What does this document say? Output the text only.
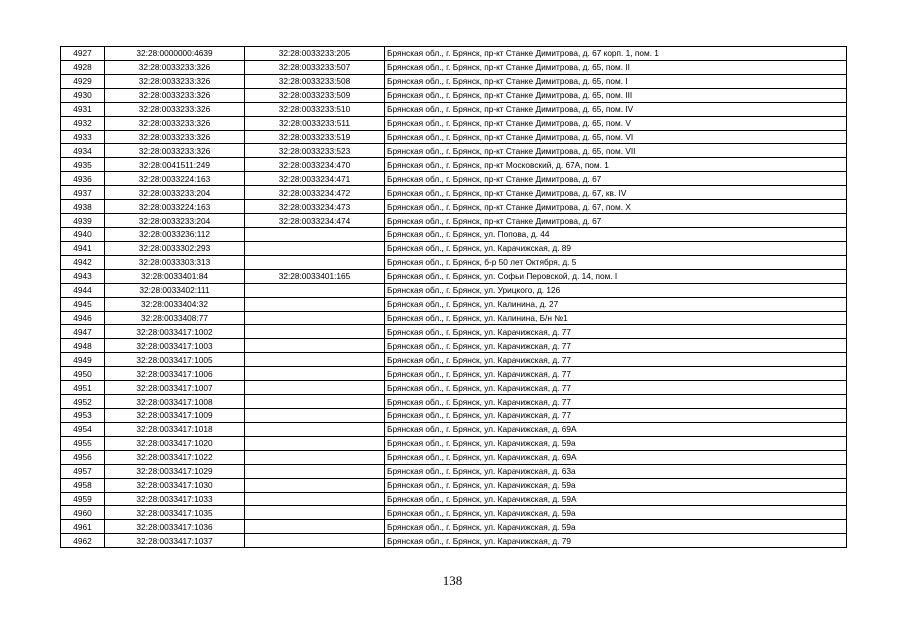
4927	32:28:0000000:4639	32:28:0033233:205	Брянская обл., г. Брянск, пр-кт Станке Димитрова, д. 67 корп. 1, пом. 1
4928	32:28:0033233:326	32:28:0033233:507	Брянская обл., г. Брянск, пр-кт Станке Димитрова, д. 65, пом. II
4929	32:28:0033233:326	32:28:0033233:508	Брянская обл., г. Брянск, пр-кт Станке Димитрова, д. 65, пом. I
4930	32:28:0033233:326	32:28:0033233:509	Брянская обл., г. Брянск, пр-кт Станке Димитрова, д. 65, пом. III
4931	32:28:0033233:326	32:28:0033233:510	Брянская обл., г. Брянск, пр-кт Станке Димитрова, д. 65, пом. IV
4932	32:28:0033233:326	32:28:0033233:511	Брянская обл., г. Брянск, пр-кт Станке Димитрова, д. 65, пом. V
4933	32:28:0033233:326	32:28:0033233:519	Брянская обл., г. Брянск, пр-кт Станке Димитрова, д. 65, пом. VI
4934	32:28:0033233:326	32:28:0033233:523	Брянская обл., г. Брянск, пр-кт Станке Димитрова, д. 65, пом. VII
4935	32:28:0041511:249	32:28:0033234:470	Брянская обл., г. Брянск, пр-кт Московский, д. 67А, пом. 1
4936	32:28:0033224:163	32:28:0033234:471	Брянская обл., г. Брянск, пр-кт Станке Димитрова, д. 67
4937	32:28:0033233:204	32:28:0033234:472	Брянская обл., г. Брянск, пр-кт Станке Димитрова, д. 67, кв. IV
4938	32:28:0033224:163	32:28:0033234:473	Брянская обл., г. Брянск, пр-кт Станке Димитрова, д. 67, пом. Х
4939	32:28:0033233:204	32:28:0033234:474	Брянская обл., г. Брянск, пр-кт Станке Димитрова, д. 67
4940	32:28:0033236:112		Брянская обл., г. Брянск, ул. Попова, д. 44
4941	32:28:0033302:293		Брянская обл., г. Брянск, ул. Карачижская, д. 89
4942	32:28:0033303:313		Брянская обл., г. Брянск, б-р 50 лет Октября, д. 5
4943	32:28:0033401:84	32:28:0033401:165	Брянская обл., г. Брянск, ул. Софьи Перовской, д. 14, пом. I
4944	32:28:0033402:111		Брянская обл., г. Брянск, ул. Урицкого, д. 126
4945	32:28:0033404:32		Брянская обл., г. Брянск, ул. Калинина, д. 27
4946	32:28:0033408:77		Брянская обл., г. Брянск, ул. Калинина, Б/н №1
4947	32:28:0033417:1002		Брянская обл., г. Брянск, ул. Карачижская, д. 77
4948	32:28:0033417:1003		Брянская обл., г. Брянск, ул. Карачижская, д. 77
4949	32:28:0033417:1005		Брянская обл., г. Брянск, ул. Карачижская, д. 77
4950	32:28:0033417:1006		Брянская обл., г. Брянск, ул. Карачижская, д. 77
4951	32:28:0033417:1007		Брянская обл., г. Брянск, ул. Карачижская, д. 77
4952	32:28:0033417:1008		Брянская обл., г. Брянск, ул. Карачижская, д. 77
4953	32:28:0033417:1009		Брянская обл., г. Брянск, ул. Карачижская, д. 77
4954	32:28:0033417:1018		Брянская обл., г. Брянск, ул. Карачижская, д. 69А
4955	32:28:0033417:1020		Брянская обл., г. Брянск, ул. Карачижская, д. 59а
4956	32:28:0033417:1022		Брянская обл., г. Брянск, ул. Карачижская, д. 69А
4957	32:28:0033417:1029		Брянская обл., г. Брянск, ул. Карачижская, д. 63а
4958	32:28:0033417:1030		Брянская обл., г. Брянск, ул. Карачижская, д. 59а
4959	32:28:0033417:1033		Брянская обл., г. Брянск, ул. Карачижская, д. 59А
4960	32:28:0033417:1035		Брянская обл., г. Брянск, ул. Карачижская, д. 59а
4961	32:28:0033417:1036		Брянская обл., г. Брянск, ул. Карачижская, д. 59а
4962	32:28:0033417:1037		Брянская обл., г. Брянск, ул. Карачижская, д. 79
138
